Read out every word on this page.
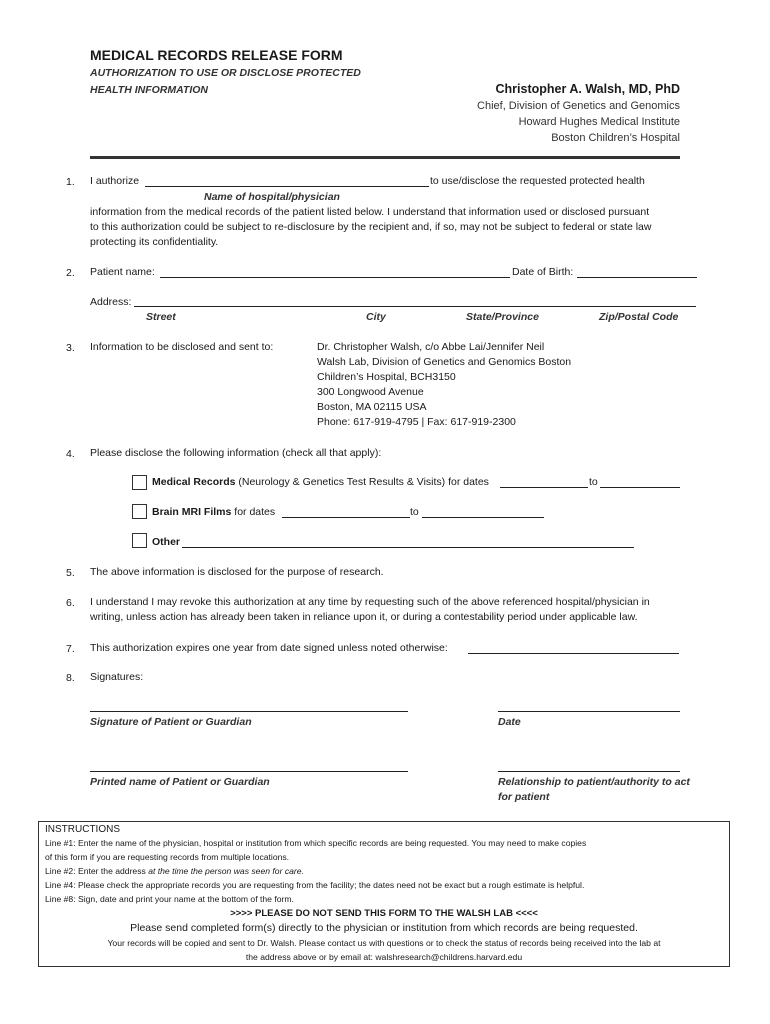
MEDICAL RECORDS RELEASE FORM
AUTHORIZATION TO USE OR DISCLOSE PROTECTED
HEALTH INFORMATION	Christopher A. Walsh, MD, PhD
Chief, Division of Genetics and Genomics
Howard Hughes Medical Institute
Boston Children’s Hospital
1. I authorize	to use/disclose the requested protected health
Name of hospital/physician
information from the medical records of the patient listed below. I understand that information used or disclosed pursuant
to this authorization could be subject to re-disclosure by the recipient and, if so, may not be subject to federal or state law
protecting its confidentiality.
2. Patient name:	Date of Birth:
Address:
Street	City	State/Province	Zip/Postal Code
3. Information to be disclosed and sent to:	Dr. Christopher Walsh, c/o Abbe Lai/Jennifer Neil
Walsh Lab, Division of Genetics and Genomics Boston
Children’s Hospital, BCH3150
300 Longwood Avenue
Boston, MA 02115 USA
Phone: 617-919-4795 | Fax: 617-919-2300
4. Please disclose the following information (check all that apply):
Medical Records (Neurology & Genetics Test Results & Visits) for dates	to
Brain MRI Films for dates	to
Other
5. The above information is disclosed for the purpose of research.
6. I understand I may revoke this authorization at any time by requesting such of the above referenced hospital/physician in
writing, unless action has already been taken in reliance upon it, or during a contestability period under applicable law.
7. This authorization expires one year from date signed unless noted otherwise:
8. Signatures:
Signature of Patient or Guardian	Date
Printed name of Patient or Guardian	Relationship to patient/authority to act
for patient
INSTRUCTIONS
Line #1: Enter the name of the physician, hospital or institution from which specific records are being requested. You may need to make copies
of this form if you are requesting records from multiple locations.
Line #2: Enter the address at the time the person was seen for care.
Line #4: Please check the appropriate records you are requesting from the facility; the dates need not be exact but a rough estimate is helpful.
Line #8: Sign, date and print your name at the bottom of the form.
>>>> PLEASE DO NOT SEND THIS FORM TO THE WALSH LAB <<<<
Please send completed form(s) directly to the physician or institution from which records are being requested.
Your records will be copied and sent to Dr. Walsh. Please contact us with questions or to check the status of records being received into the lab at
the address above or by email at: walshresearch@childrens.harvard.edu
